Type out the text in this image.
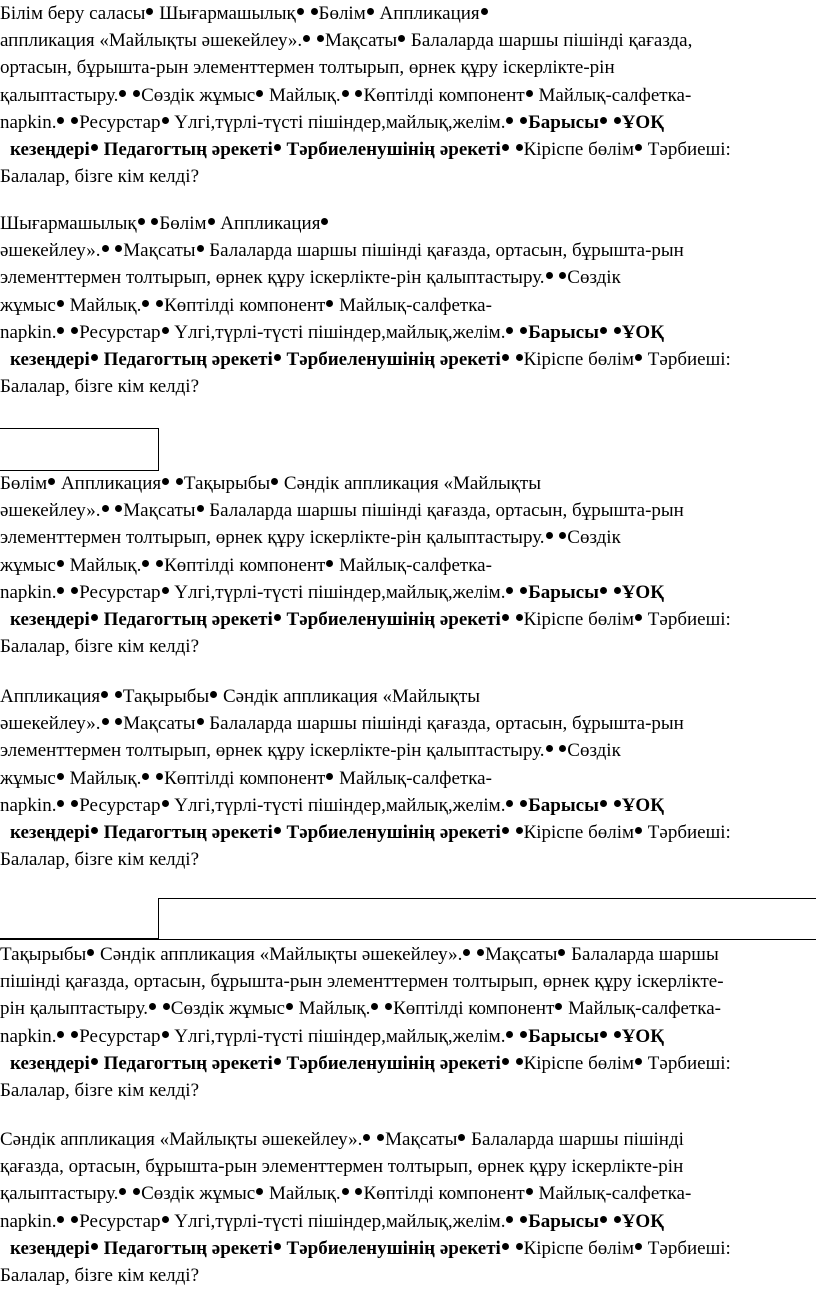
Білім беру саласы Шығармашылық Бөлім Аппликация
аппликация «Майлықты әшекейлеу». Мақсаты Балаларда шаршы пішінді қағазда,
ортасын, бұрышта-рын элементтермен толтырып, өрнек құру іскерлікте-рін
қалыптастыру. Сөздік жұмыс Майлық. Көптілді компонент Майлық-салфетка-
napkin. Ресурстар Үлгі,түрлі-түсті пішіндер,майлық,желім. Барысы ҰОҚ
кезеңдері Педагогтың әрекеті Тәрбиеленушінің әрекеті Кіріспе бөлім Тәрбиеші:
Балалар, бізге кім келді?
Шығармашылық Бөлім Аппликация
әшекейлеу». Мақсаты Балаларда шаршы пішінді қағазда, ортасын, бұрышта-рын
элементтермен толтырып, өрнек құру іскерлікте-рін қалыптастыру. Сөздік
жұмыс Майлық. Көптілді компонент Майлық-салфетка-
napkin. Ресурстар Үлгі,түрлі-түсті пішіндер,майлық,желім. Барысы ҰОҚ
кезеңдері Педагогтың әрекеті Тәрбиеленушінің әрекеті Кіріспе бөлім Тәрбиеші:
Балалар, бізге кім келді?
Бөлім Аппликация Тақырыбы Сәндік аппликация «Майлықты
әшекейлеу». Мақсаты Балаларда шаршы пішінді қағазда, ортасын, бұрышта-рын
элементтермен толтырып, өрнек құру іскерлікте-рін қалыптастыру. Сөздік
жұмыс Майлық. Көптілді компонент Майлық-салфетка-
napkin. Ресурстар Үлгі,түрлі-түсті пішіндер,майлық,желім. Барысы ҰОҚ
кезеңдері Педагогтың әрекеті Тәрбиеленушінің әрекеті Кіріспе бөлім Тәрбиеші:
Балалар, бізге кім келді?
Аппликация Тақырыбы Сәндік аппликация «Майлықты
әшекейлеу». Мақсаты Балаларда шаршы пішінді қағазда, ортасын, бұрышта-рын
элементтермен толтырып, өрнек құру іскерлікте-рін қалыптастыру. Сөздік
жұмыс Майлық. Көптілді компонент Майлық-салфетка-
napkin. Ресурстар Үлгі,түрлі-түсті пішіндер,майлық,желім. Барысы ҰОҚ
кезеңдері Педагогтың әрекеті Тәрбиеленушінің әрекеті Кіріспе бөлім Тәрбиеші:
Балалар, бізге кім келді?
Тақырыбы Сәндік аппликация «Майлықты әшекейлеу». Мақсаты Балаларда шаршы
пішінді қағазда, ортасын, бұрышта-рын элементтермен толтырып, өрнек құру іскерлікте-
рін қалыптастыру. Сөздік жұмыс Майлық. Көптілді компонент Майлық-салфетка-
napkin. Ресурстар Үлгі,түрлі-түсті пішіндер,майлық,желім. Барысы ҰОҚ
кезеңдері Педагогтың әрекеті Тәрбиеленушінің әрекеті Кіріспе бөлім Тәрбиеші:
Балалар, бізге кім келді?
Сәндік аппликация «Майлықты әшекейлеу». Мақсаты Балаларда шаршы пішінді
қағазда, ортасын, бұрышта-рын элементтермен толтырып, өрнек құру іскерлікте-рін
қалыптастыру. Сөздік жұмыс Майлық. Көптілді компонент Майлық-салфетка-
napkin. Ресурстар Үлгі,түрлі-түсті пішіндер,майлық,желім. Барысы ҰОҚ
кезеңдері Педагогтың әрекеті Тәрбиеленушінің әрекеті Кіріспе бөлім Тәрбиеші:
Балалар, бізге кім келді?
